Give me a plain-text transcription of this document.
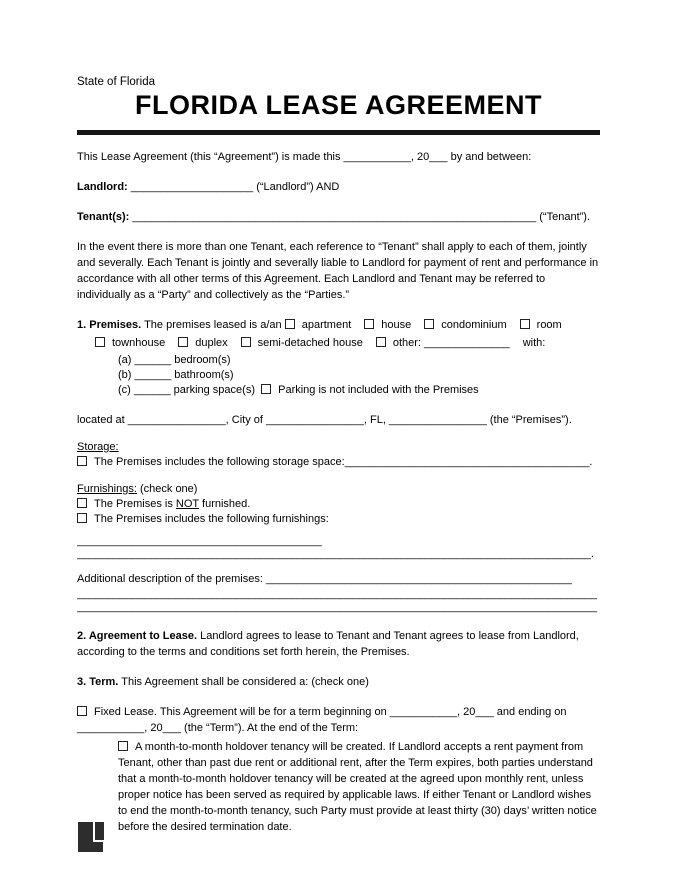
State of Florida
FLORIDA LEASE AGREEMENT

This Lease Agreement (this “Agreement”) is made this ___________, 20___ by and between:

Landlord: ____________________ (“Landlord”) AND

Tenant(s): __________________________________________________________________ (“Tenant”).

In the event there is more than one Tenant, each reference to “Tenant” shall apply to each of them, jointly and severally. Each Tenant is jointly and severally liable to Landlord for payment of rent and performance in accordance with all other terms of this Agreement. Each Landlord and Tenant may be referred to individually as a “Party” and collectively as the “Parties.”

1. Premises. The premises leased is a/an apartment	house	condominium	room
townhouse	duplex	semi-detached house	other: ______________ with:
(a) ______ bedroom(s)
(b) ______ bathroom(s)
(c) ______ parking space(s) Parking is not included with the Premises

located at ________________, City of ________________, FL, ________________ (the “Premises”).

Storage:
The Premises includes the following storage space:________________________________________.
Furnishings: (check one)
The Premises is NOT furnished.
The Premises includes the following furnishings:
________________________________________
____________________________________________________________________________________.
Additional description of the premises: __________________________________________________
_____________________________________________________________________________________
_____________________________________________________________________________________

2. Agreement to Lease. Landlord agrees to lease to Tenant and Tenant agrees to lease from Landlord, according to the terms and conditions set forth herein, the Premises.

3. Term. This Agreement shall be considered a: (check one)

Fixed Lease. This Agreement will be for a term beginning on ___________, 20___ and ending on
___________, 20___ (the “Term”). At the end of the Term:
A month-to-month holdover tenancy will be created. If Landlord accepts a rent payment from Tenant, other than past due rent or additional rent, after the Term expires, both parties understand that a month-to-month holdover tenancy will be created at the agreed upon monthly rent, unless proper notice has been served as required by applicable laws. If either Tenant or Landlord wishes to end the month-to-month tenancy, such Party must provide at least thirty (30) days’ written notice before the desired termination date.
